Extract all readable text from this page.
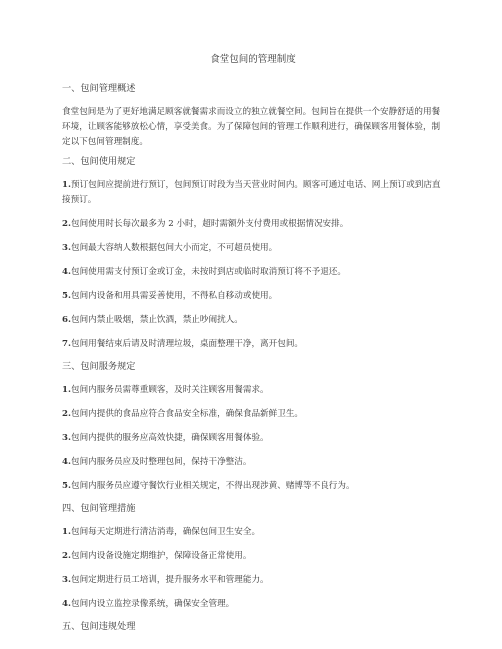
食堂包间的管理制度
一、包间管理概述
食堂包间是为了更好地满足顾客就餐需求而设立的独立就餐空间。包间旨在提供一个安静舒适的用餐环境，让顾客能够放松心情，享受美食。为了保障包间的管理工作顺利进行，确保顾客用餐体验，制定以下包间管理制度。
二、包间使用规定
1.预订包间应提前进行预订，包间预订时段为当天营业时间内。顾客可通过电话、网上预订或到店直接预订。
2.包间使用时长每次最多为 2 小时，超时需额外支付费用或根据情况安排。
3.包间最大容纳人数根据包间大小而定，不可超员使用。
4.包间使用需支付预订金或订金，未按时到店或临时取消预订将不予退还。
5.包间内设备和用具需妥善使用，不得私自移动或使用。
6.包间内禁止吸烟，禁止饮酒，禁止吵闹扰人。
7.包间用餐结束后请及时清理垃圾，桌面整理干净，离开包间。
三、包间服务规定
1.包间内服务员需尊重顾客，及时关注顾客用餐需求。
2.包间内提供的食品应符合食品安全标准，确保食品新鲜卫生。
3.包间内提供的服务应高效快捷，确保顾客用餐体验。
4.包间内服务员应及时整理包间，保持干净整洁。
5.包间内服务员应遵守餐饮行业相关规定，不得出现涉黄、赌博等不良行为。
四、包间管理措施
1.包间每天定期进行清洁消毒，确保包间卫生安全。
2.包间内设备设施定期维护，保障设备正常使用。
3.包间定期进行员工培训，提升服务水平和管理能力。
4.包间内设立监控录像系统，确保安全管理。
五、包间违规处理
